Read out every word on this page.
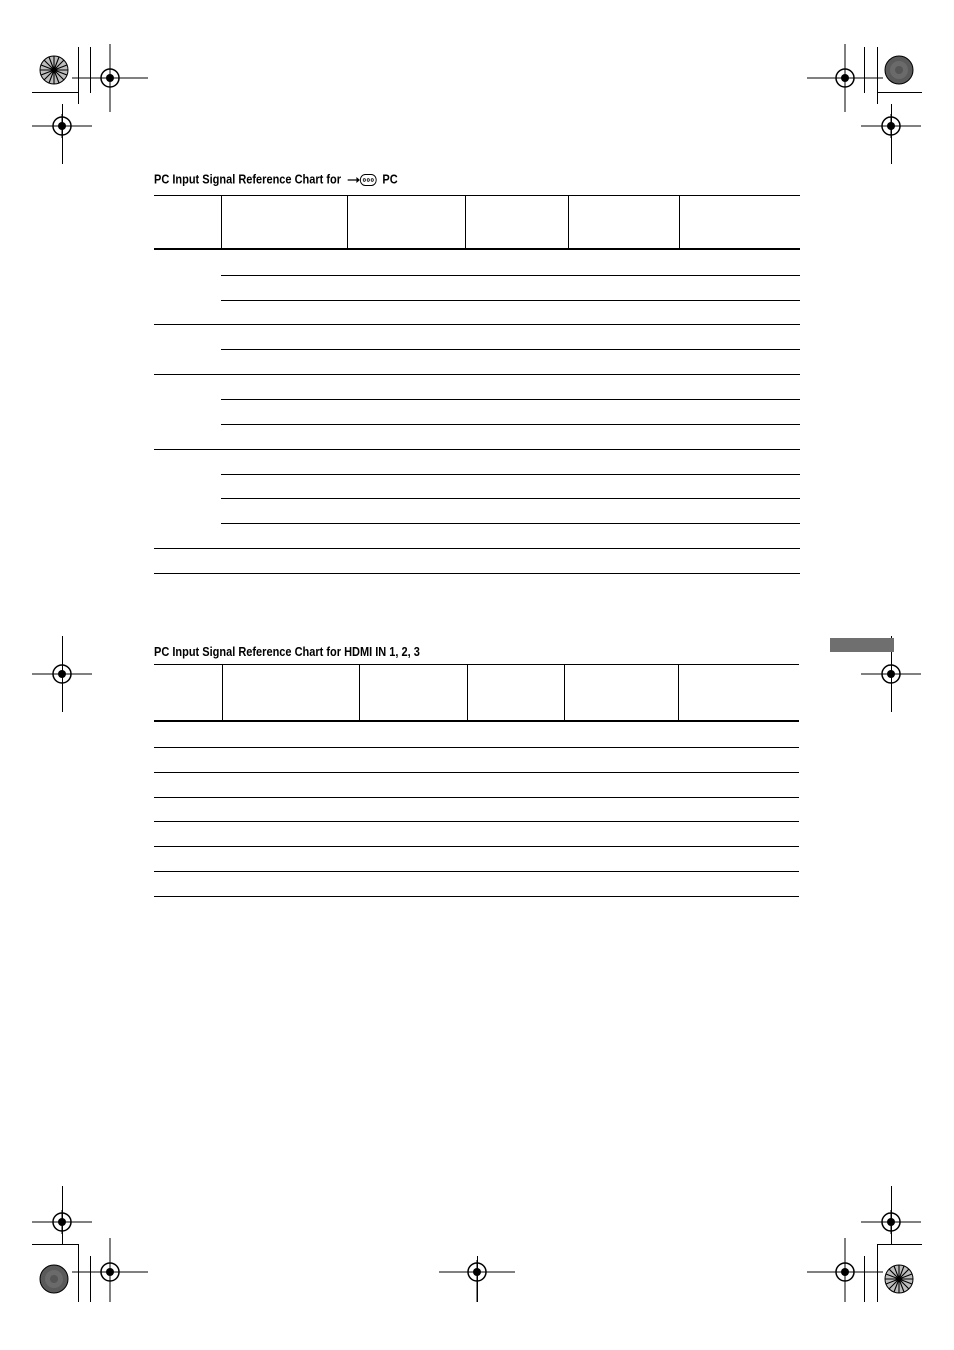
PC Input Signal Reference Chart for	PC
PC Input Signal Reference Chart for HDMI IN 1, 2, 3
